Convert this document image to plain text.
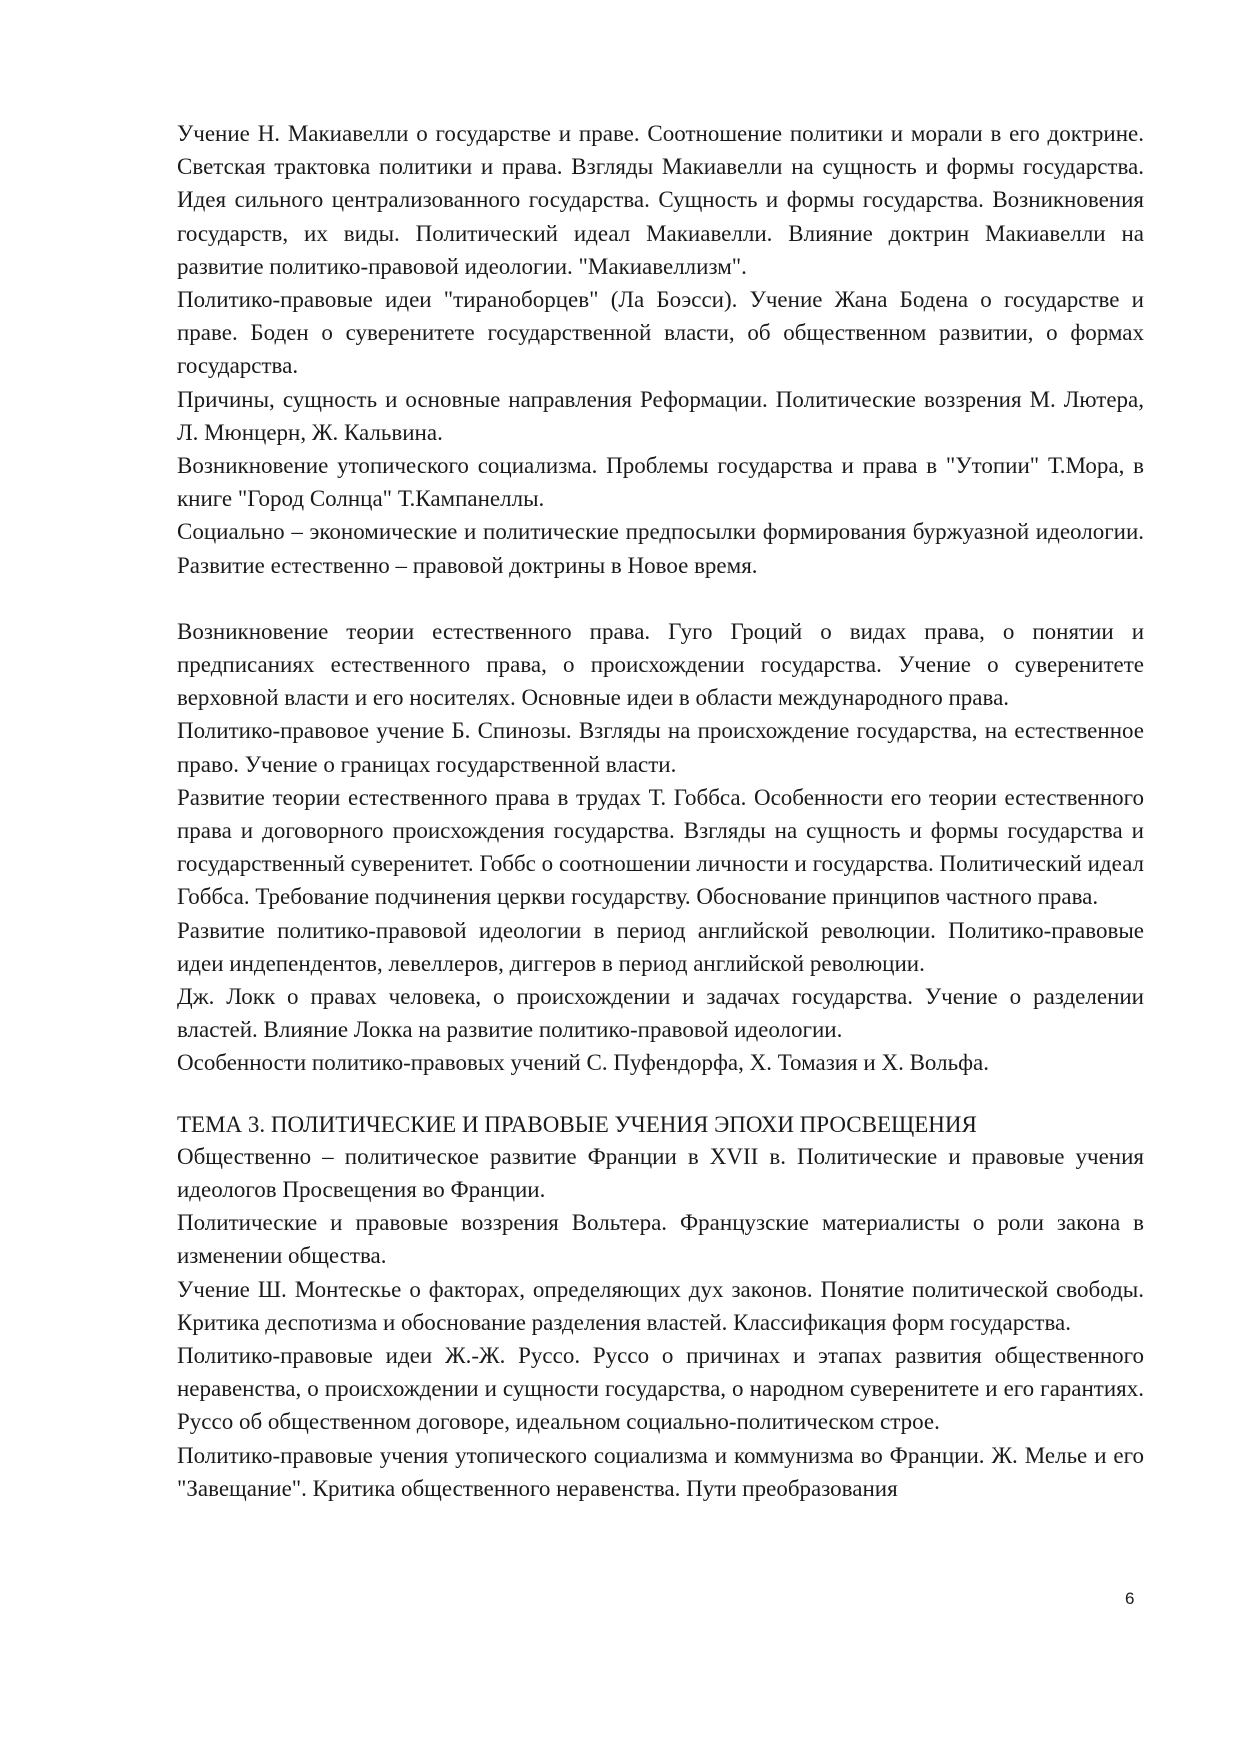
Учение Н. Макиавелли о государстве и праве. Соотношение политики и морали в его доктрине. Светская трактовка политики и права. Взгляды Макиавелли на сущность и формы государства. Идея сильного централизованного государства. Сущность и формы государства. Возникновения государств, их виды. Политический идеал Макиавелли. Влияние доктрин Макиавелли на развитие политико-правовой идеологии. "Макиавеллизм".

Политико-правовые идеи "тираноборцев" (Ла Боэсси). Учение Жана Бодена о государстве и праве. Боден о суверенитете государственной власти, об общественном развитии, о формах государства.

Причины, сущность и основные направления Реформации. Политические воззрения М. Лютера, Л. Мюнцерн, Ж. Кальвина.

Возникновение утопического социализма. Проблемы государства и права в "Утопии" Т.Мора, в книге "Город Солнца" Т.Кампанеллы.

Социально – экономические и политические предпосылки формирования буржуазной идеологии. Развитие естественно – правовой доктрины в Новое время.

Возникновение теории естественного права. Гуго Гроций о видах права, о понятии и предписаниях естественного права, о происхождении государства. Учение о суверенитете верховной власти и его носителях. Основные идеи в области международного права.

Политико-правовое учение Б. Спинозы. Взгляды на происхождение государства, на естественное право. Учение о границах государственной власти.

Развитие теории естественного права в трудах Т. Гоббса. Особенности его теории естественного права и договорного происхождения государства. Взгляды на сущность и формы государства и государственный суверенитет. Гоббс о соотношении личности и государства. Политический идеал Гоббса. Требование подчинения церкви государству. Обоснование принципов частного права.

Развитие политико-правовой идеологии в период английской революции. Политико-правовые идеи индепендентов, левеллеров, диггеров в период английской революции.

Дж. Локк о правах человека, о происхождении и задачах государства. Учение о разделении властей. Влияние Локка на развитие политико-правовой идеологии.

Особенности политико-правовых учений С. Пуфендорфа, Х. Томазия и Х. Вольфа.

ТЕМА 3. ПОЛИТИЧЕСКИЕ И ПРАВОВЫЕ УЧЕНИЯ ЭПОХИ ПРОСВЕЩЕНИЯ

Общественно – политическое развитие Франции в XVII в. Политические и правовые учения идеологов Просвещения во Франции.

Политические и правовые воззрения Вольтера. Французские материалисты о роли закона в изменении общества.

Учение Ш. Монтескье о факторах, определяющих дух законов. Понятие политической свободы. Критика деспотизма и обоснование разделения властей. Классификация форм государства.

Политико-правовые идеи Ж.-Ж. Руссо. Руссо о причинах и этапах развития общественного неравенства, о происхождении и сущности государства, о народном суверенитете и его гарантиях. Руссо об общественном договоре, идеальном социально-политическом строе.

Политико-правовые учения утопического социализма и коммунизма во Франции. Ж. Мелье и его "Завещание". Критика общественного неравенства. Пути преобразования

6
